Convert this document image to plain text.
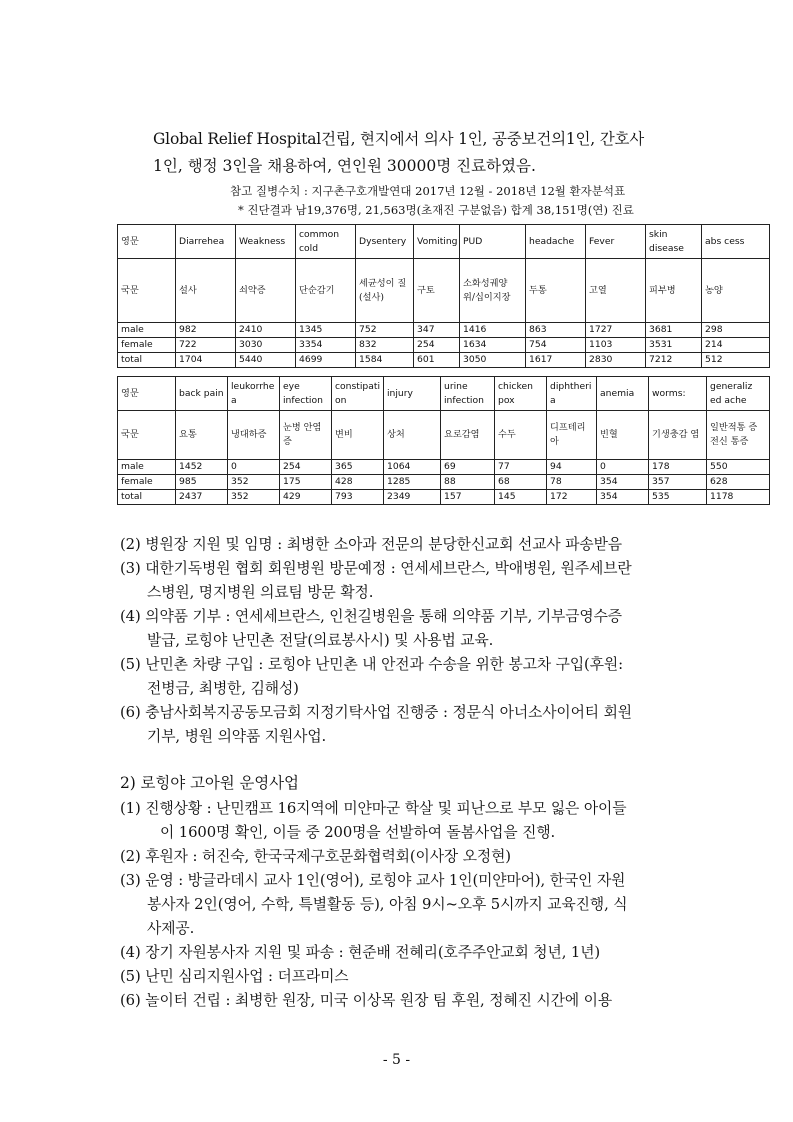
Global Relief Hospital건립, 현지에서 의사 1인, 공중보건의1인, 간호사
1인, 행정 3인을 채용하여, 연인원 30000명 진료하였음.
참고 질병수치 : 지구촌구호개발연대 2017년 12월 - 2018년 12월 환자분석표
* 진단결과 남19,376명, 21,563명(초재진 구분없음) 합계 38,151명(연) 진료
영문	Diarrehea	Weakness	common cold	Dysentery	Vomiting	PUD	headache	Fever	skin disease	abs cess
국문	설사	쇠약증	단순감기	세균성이 질(설사)	구토	소화성궤양 위/십이지장	두통	고열	피부병	농양
male	982	2410	1345	752	347	1416	863	1727	3681	298
female	722	3030	3354	832	254	1634	754	1103	3531	214
total	1704	5440	4699	1584	601	3050	1617	2830	7212	512
영문	back pain	leukorrhe a	eye infection	constipati on	injury	urine infection	chicken pox	diphtheri a	anemia	worms:	generaliz ed ache
국문	요통	냉대하증	눈병 안염증	변비	상처	요로감염	수두	디프테리 아	빈혈	기생충감 염	일반적통 증 전신 통증
male	1452	0	254	365	1064	69	77	94	0	178	550
female	985	352	175	428	1285	88	68	78	354	357	628
total	2437	352	429	793	2349	157	145	172	354	535	1178
(2) 병원장 지원 및 임명 : 최병한 소아과 전문의 분당한신교회 선교사 파송받음
(3) 대한기독병원 협회 회원병원 방문예정 : 연세세브란스, 박애병원, 원주세브란
스병원, 명지병원 의료팀 방문 확정.
(4) 의약품 기부 : 연세세브란스, 인천길병원을 통해 의약품 기부, 기부금영수증
발급, 로힝야 난민촌 전달(의료봉사시) 및 사용법 교육.
(5) 난민촌 차량 구입 : 로힝야 난민촌 내 안전과 수송을 위한 봉고차 구입(후원:
전병금, 최병한, 김해성)
(6) 충남사회복지공동모금회 지정기탁사업 진행중 : 정문식 아너소사이어티 회원
기부, 병원 의약품 지원사업.
2) 로힝야 고아원 운영사업
(1) 진행상황 : 난민캠프 16지역에 미얀마군 학살 및 피난으로 부모 잃은 아이들
이 1600명 확인, 이들 중 200명을 선발하여 돌봄사업을 진행.
(2) 후원자 : 허진숙, 한국국제구호문화협력회(이사장 오정현)
(3) 운영 : 방글라데시 교사 1인(영어), 로힝야 교사 1인(미얀마어), 한국인 자원
봉사자 2인(영어, 수학, 특별활동 등), 아침 9시~오후 5시까지 교육진행, 식
사제공.
(4) 장기 자원봉사자 지원 및 파송 : 현준배 전혜리(호주주안교회 청년, 1년)
(5) 난민 심리지원사업 : 더프라미스
(6) 놀이터 건립 : 최병한 원장, 미국 이상목 원장 팀 후원, 정혜진 시간에 이용
- 5 -
